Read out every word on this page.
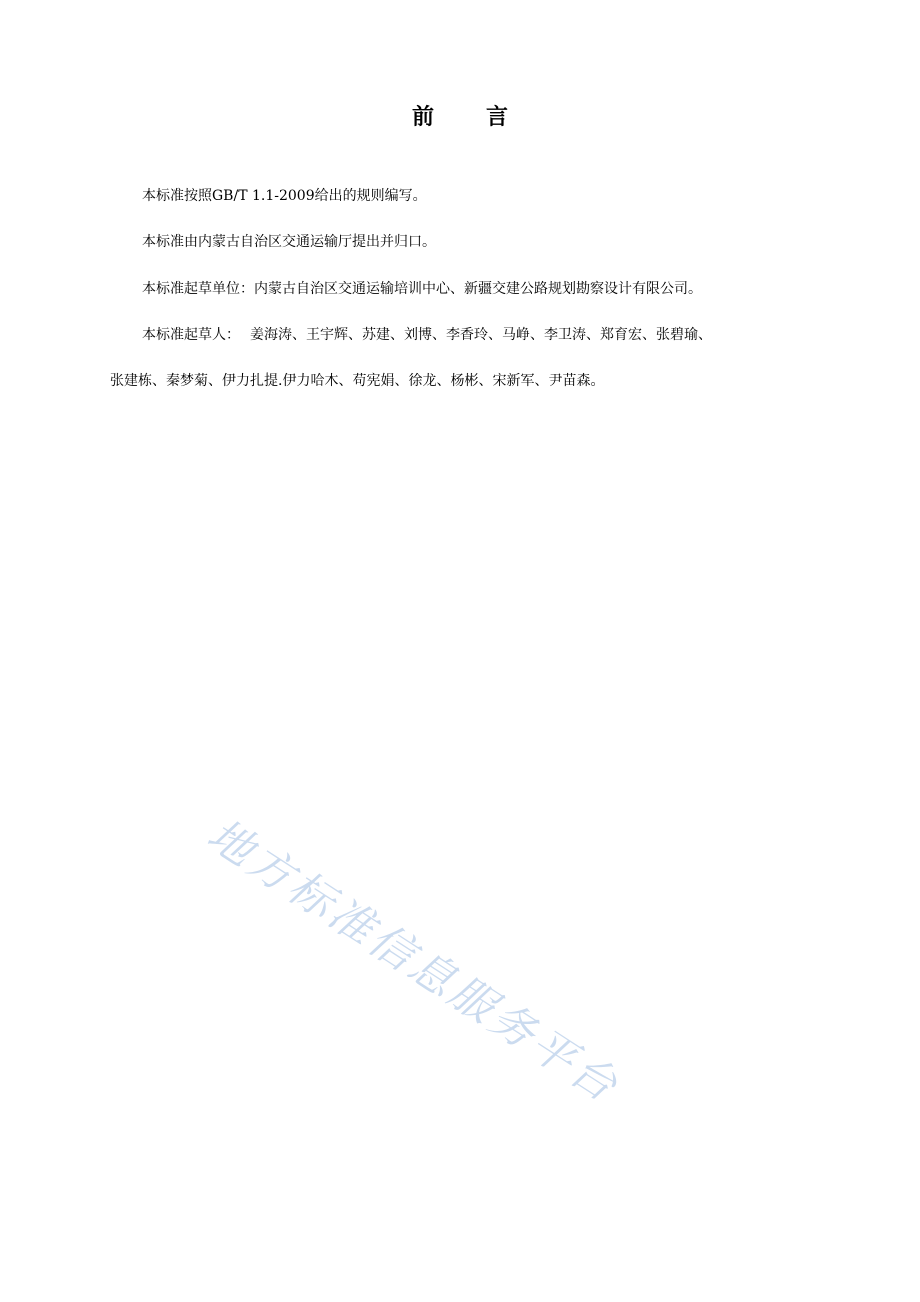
前 言
本标准按照GB/T 1.1-2009给出的规则编写。
本标准由内蒙古自治区交通运输厅提出并归口。
本标准起草单位：内蒙古自治区交通运输培训中心、新疆交建公路规划勘察设计有限公司。
本标准起草人： 姜海涛、王宇辉、苏建、刘博、李香玲、马峥、李卫涛、郑育宏、张碧瑜、
张建栋、秦梦菊、伊力扎提.伊力哈木、苟宪娟、徐龙、杨彬、宋新军、尹苗森。
地方标准信息服务平台
